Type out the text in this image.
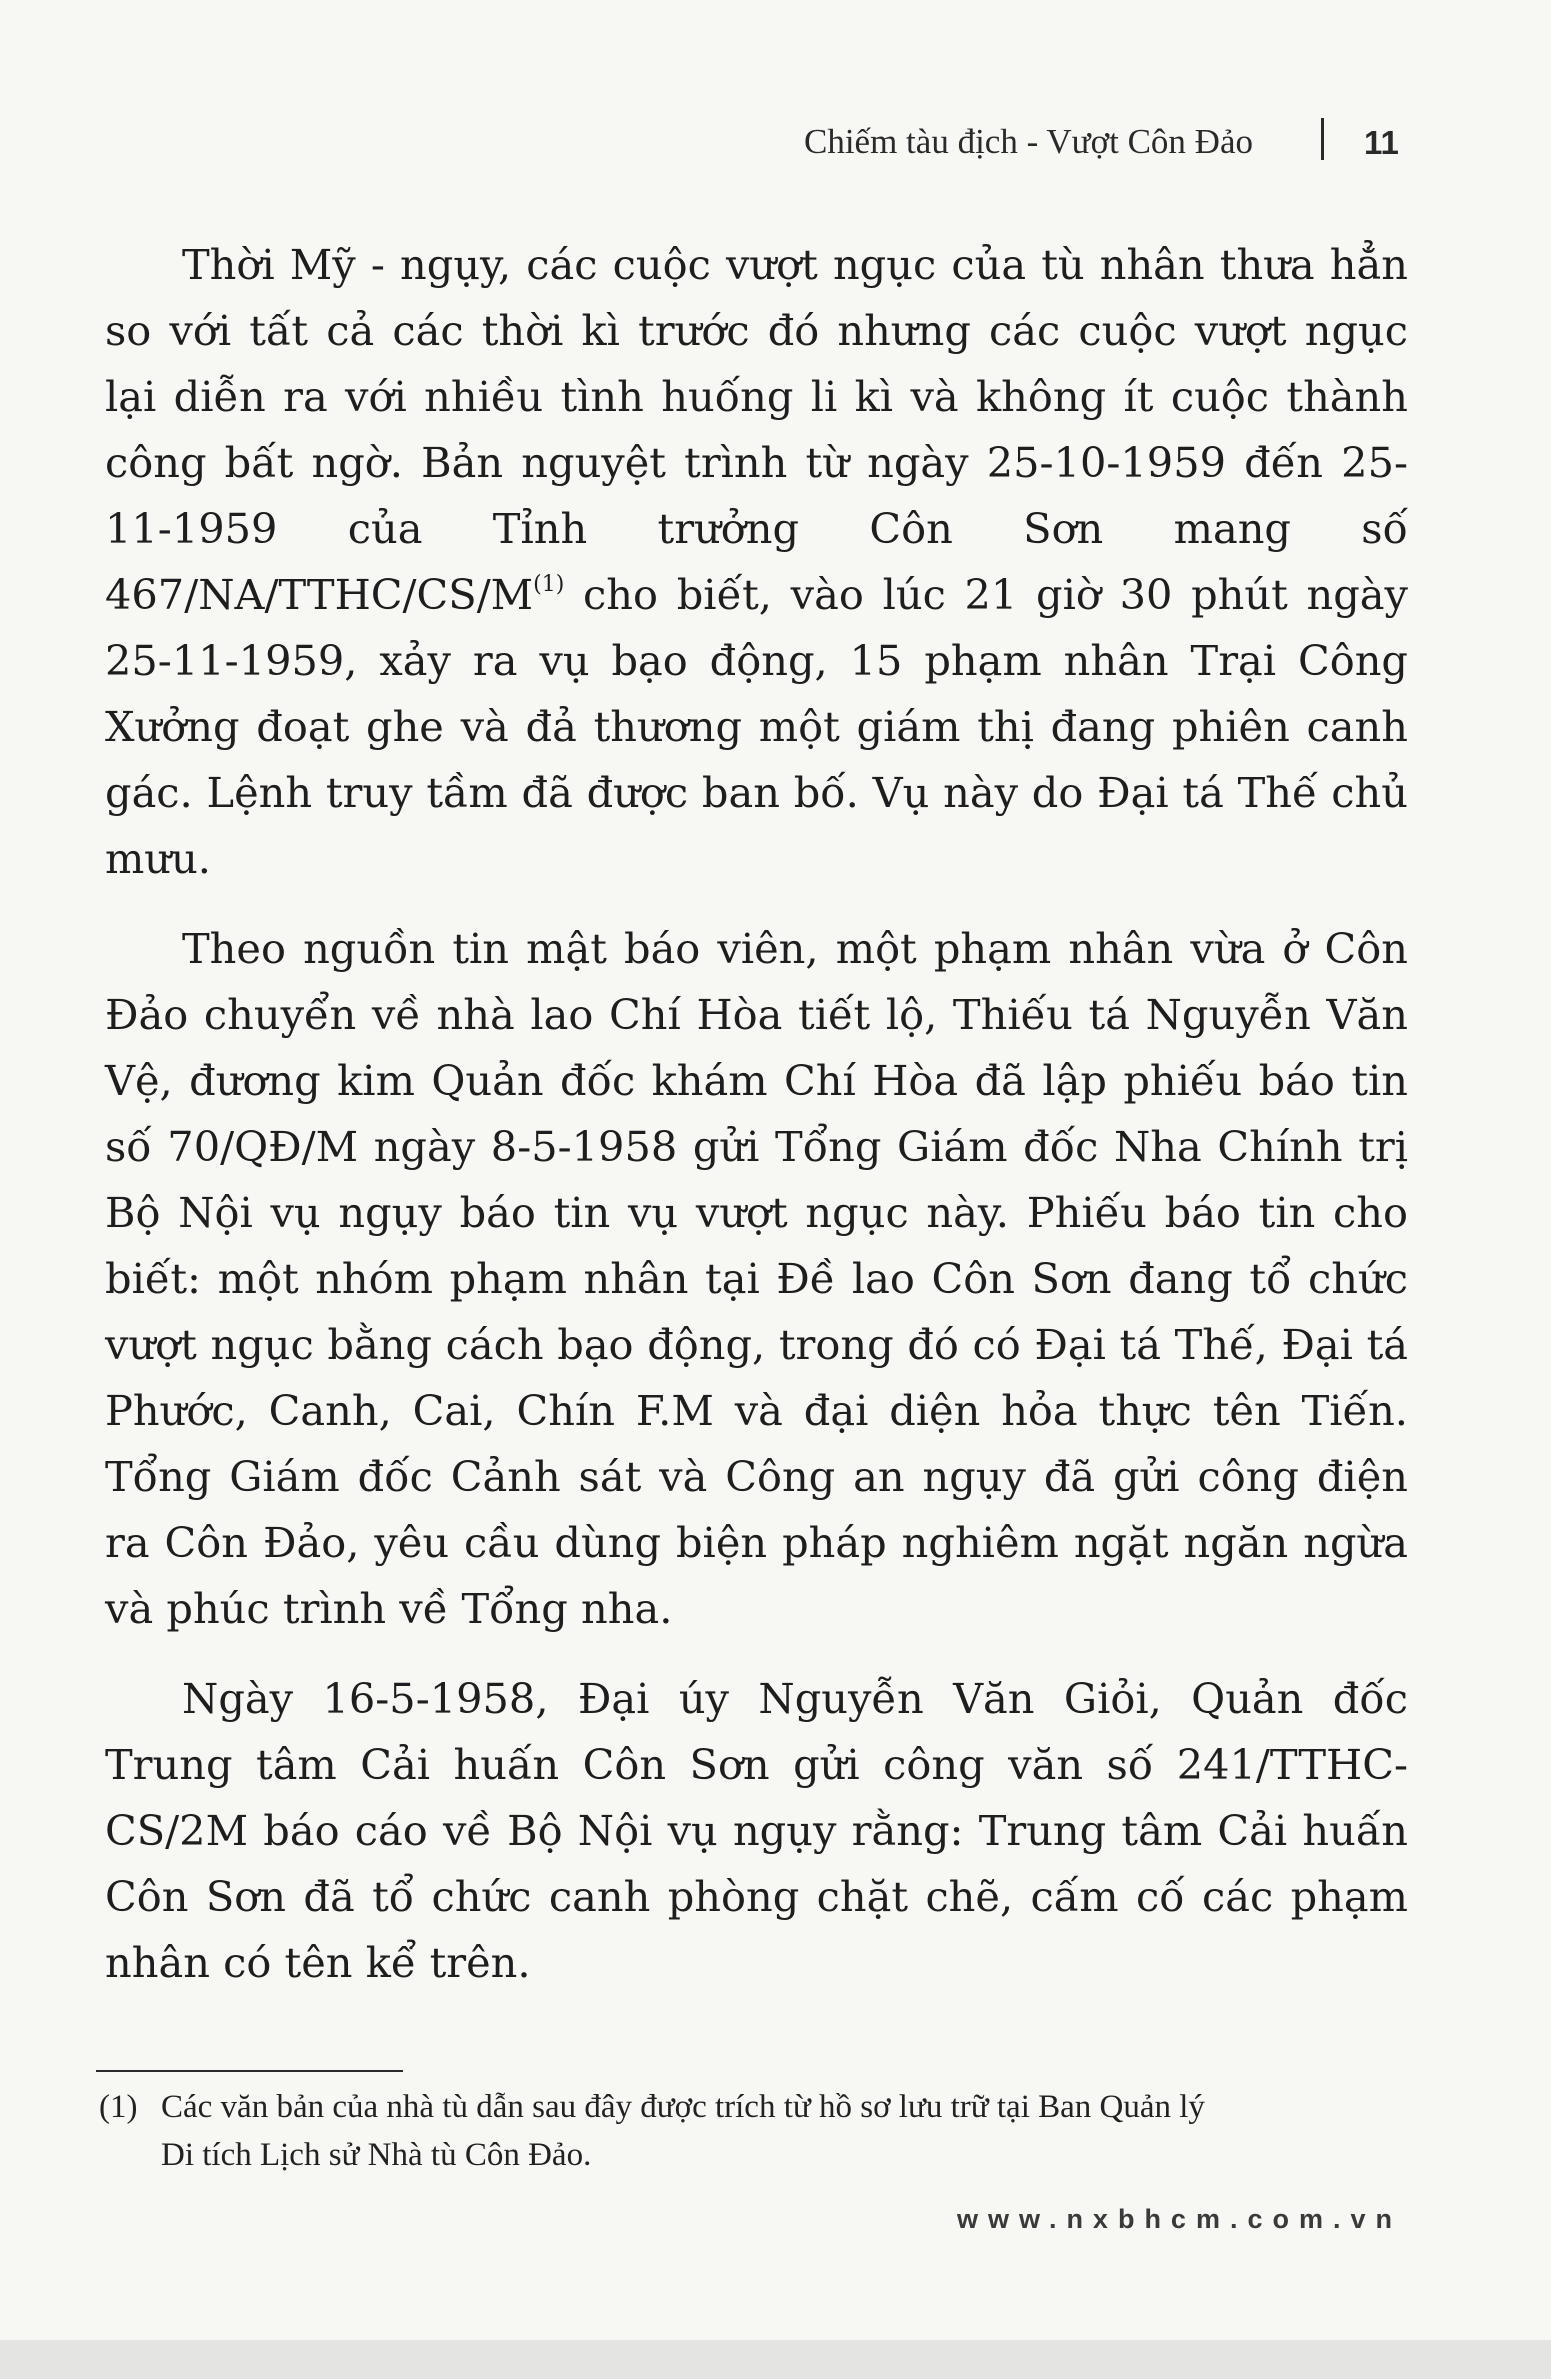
Chiếm tàu địch - Vượt Côn Đảo	11

Thời Mỹ - ngụy, các cuộc vượt ngục của tù nhân thưa hẳn so với tất cả các thời kì trước đó nhưng các cuộc vượt ngục lại diễn ra với nhiều tình huống li kì và không ít cuộc thành công bất ngờ. Bản nguyệt trình từ ngày 25-10-1959 đến 25-11-1959 của Tỉnh trưởng Côn Sơn mang số 467/NA/TTHC/CS/M$^{(1)}$ cho biết, vào lúc 21 giờ 30 phút ngày 25-11-1959, xảy ra vụ bạo động, 15 phạm nhân Trại Công Xưởng đoạt ghe và đả thương một giám thị đang phiên canh gác. Lệnh truy tầm đã được ban bố. Vụ này do Đại tá Thế chủ mưu.

Theo nguồn tin mật báo viên, một phạm nhân vừa ở Côn Đảo chuyển về nhà lao Chí Hòa tiết lộ, Thiếu tá Nguyễn Văn Vệ, đương kim Quản đốc khám Chí Hòa đã lập phiếu báo tin số 70/QĐ/M ngày 8-5-1958 gửi Tổng Giám đốc Nha Chính trị Bộ Nội vụ ngụy báo tin vụ vượt ngục này. Phiếu báo tin cho biết: một nhóm phạm nhân tại Đề lao Côn Sơn đang tổ chức vượt ngục bằng cách bạo động, trong đó có Đại tá Thế, Đại tá Phước, Canh, Cai, Chín F.M và đại diện hỏa thực tên Tiến. Tổng Giám đốc Cảnh sát và Công an ngụy đã gửi công điện ra Côn Đảo, yêu cầu dùng biện pháp nghiêm ngặt ngăn ngừa và phúc trình về Tổng nha.

Ngày 16-5-1958, Đại úy Nguyễn Văn Giỏi, Quản đốc Trung tâm Cải huấn Côn Sơn gửi công văn số 241/TTHC-CS/2M báo cáo về Bộ Nội vụ ngụy rằng: Trung tâm Cải huấn Côn Sơn đã tổ chức canh phòng chặt chẽ, cấm cố các phạm nhân có tên kể trên.

(1) Các văn bản của nhà tù dẫn sau đây được trích từ hồ sơ lưu trữ tại Ban Quản lý
Di tích Lịch sử Nhà tù Côn Đảo.
www.nxbhcm.com.vn
